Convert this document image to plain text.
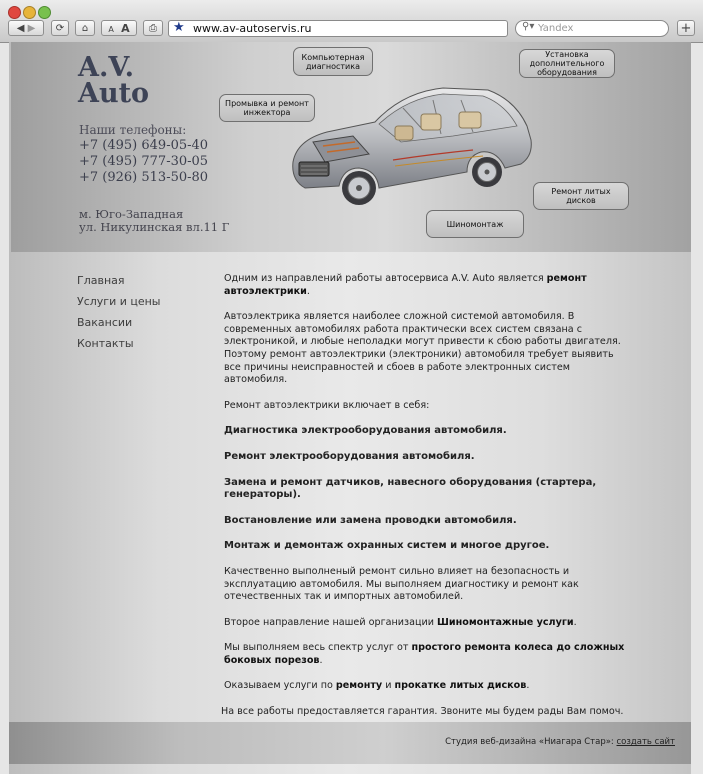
◀ ▶	⟳	⌂	A A	⎙	★ www.av-autoservis.ru	⚲▾ Yandex	+
A.V.
Auto
Наши телефоны:
+7 (495) 649-05-40
+7 (495) 777-30-05
+7 (926) 513-50-80
м. Юго-Западная
ул. Никулинская вл.11 Г
Компьютерная диагностика
Установка дополнительного оборудования
Промывка и ремонт инжектора
Ремонт литых дисков
Шиномонтаж
Главная
Услуги и цены
Вакансии
Контакты

Одним из направлений работы автосервиса A.V. Auto является ремонт автоэлектрики.

Автоэлектрика является наиболее сложной системой автомобиля. В современных автомобилях работа практически всех систем связана с электроникой, и любые неполадки могут привести к сбою работы двигателя. Поэтому ремонт автоэлектрики (электроники) автомобиля требует выявить все причины неисправностей и сбоев в работе электронных систем автомобиля.

Ремонт автоэлектрики включает в себя:

Диагностика электрооборудования автомобиля.

Ремонт электрооборудования автомобиля.

Замена и ремонт датчиков, навесного оборудования (стартера, генераторы).

Востановление или замена проводки автомобиля.

Монтаж и демонтаж охранных систем и многое другое.

Качественно выполненый ремонт сильно влияет на безопасность и эксплуатацию автомобиля. Мы выполняем диагностику и ремонт как отечественных так и импортных автомобилей.

Второе направление нашей организации Шиномонтажные услуги.

Мы выполняем весь спектр услуг от простого ремонта колеса до сложных боковых порезов.

Оказываем услуги по ремонту и прокатке литых дисков.

На все работы предоставляется гарантия. Звоните мы будем рады Вам помоч.

Студия веб-дизайна «Ниагара Стар»: создать сайт
